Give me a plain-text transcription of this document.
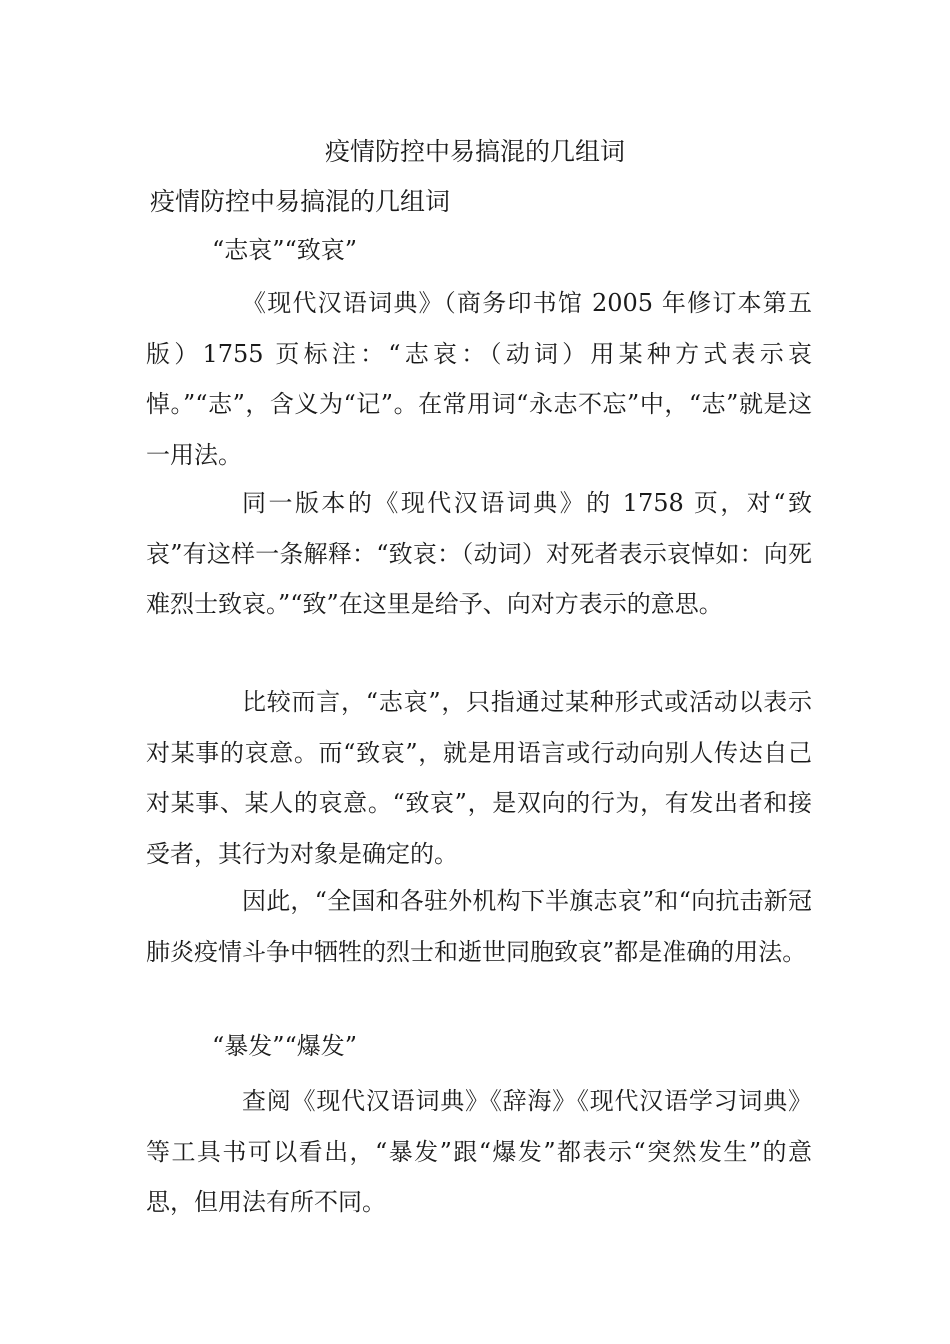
疫情防控中易搞混的几组词
疫情防控中易搞混的几组词
“志哀”“致哀”

《现代汉语词典》（商务印书馆 2005 年修订本第五版）1755 页标注：“志哀：（动词）用某种方式表示哀悼。”“志”，含义为“记”。在常用词“永志不忘”中，“志”就是这一用法。

同一版本的《现代汉语词典》的 1758 页，对“致哀”有这样一条解释：“致哀：（动词）对死者表示哀悼如：向死难烈士致哀。”“致”在这里是给予、向对方表示的意思。

比较而言，“志哀”，只指通过某种形式或活动以表示对某事的哀意。而“致哀”，就是用语言或行动向别人传达自己对某事、某人的哀意。“致哀”，是双向的行为，有发出者和接受者，其行为对象是确定的。

因此，“全国和各驻外机构下半旗志哀”和“向抗击新冠肺炎疫情斗争中牺牲的烈士和逝世同胞致哀”都是准确的用法。

“暴发”“爆发”

查阅《现代汉语词典》《辞海》《现代汉语学习词典》等工具书可以看出，“暴发”跟“爆发”都表示“突然发生”的意思，但用法有所不同。
